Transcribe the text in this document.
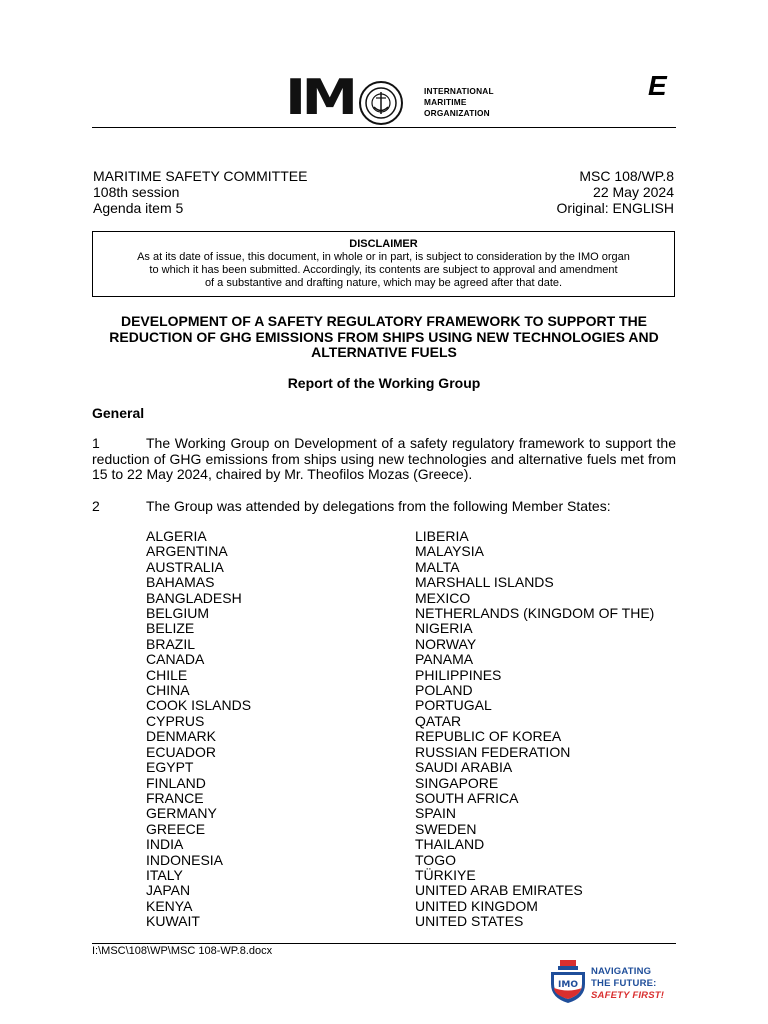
IM	INTERNATIONAL
MARITIME
ORGANIZATION
E
MARITIME SAFETY COMMITTEE
108th session
Agenda item 5
MSC 108/WP.8
22 May 2024
Original: ENGLISH
DISCLAIMER
As at its date of issue, this document, in whole or in part, is subject to consideration by the IMO organ
to which it has been submitted. Accordingly, its contents are subject to approval and amendment
of a substantive and drafting nature, which may be agreed after that date.
DEVELOPMENT OF A SAFETY REGULATORY FRAMEWORK TO SUPPORT THE
REDUCTION OF GHG EMISSIONS FROM SHIPS USING NEW TECHNOLOGIES AND
ALTERNATIVE FUELS
Report of the Working Group
General
1	The Working Group on Development of a safety regulatory framework to support the reduction of GHG emissions from ships using new technologies and alternative fuels met from 15 to 22 May 2024, chaired by Mr. Theofilos Mozas (Greece).
2	The Group was attended by delegations from the following Member States:
ALGERIA
ARGENTINA
AUSTRALIA
BAHAMAS
BANGLADESH
BELGIUM
BELIZE
BRAZIL
CANADA
CHILE
CHINA
COOK ISLANDS
CYPRUS
DENMARK
ECUADOR
EGYPT
FINLAND
FRANCE
GERMANY
GREECE
INDIA
INDONESIA
ITALY
JAPAN
KENYA
KUWAIT
LIBERIA
MALAYSIA
MALTA
MARSHALL ISLANDS
MEXICO
NETHERLANDS (KINGDOM OF THE)
NIGERIA
NORWAY
PANAMA
PHILIPPINES
POLAND
PORTUGAL
QATAR
REPUBLIC OF KOREA
RUSSIAN FEDERATION
SAUDI ARABIA
SINGAPORE
SOUTH AFRICA
SPAIN
SWEDEN
THAILAND
TOGO
TÜRKIYE
UNITED ARAB EMIRATES
UNITED KINGDOM
UNITED STATES
I:\MSC\108\WP\MSC 108-WP.8.docx
IMO
NAVIGATING
THE FUTURE:
SAFETY FIRST!
